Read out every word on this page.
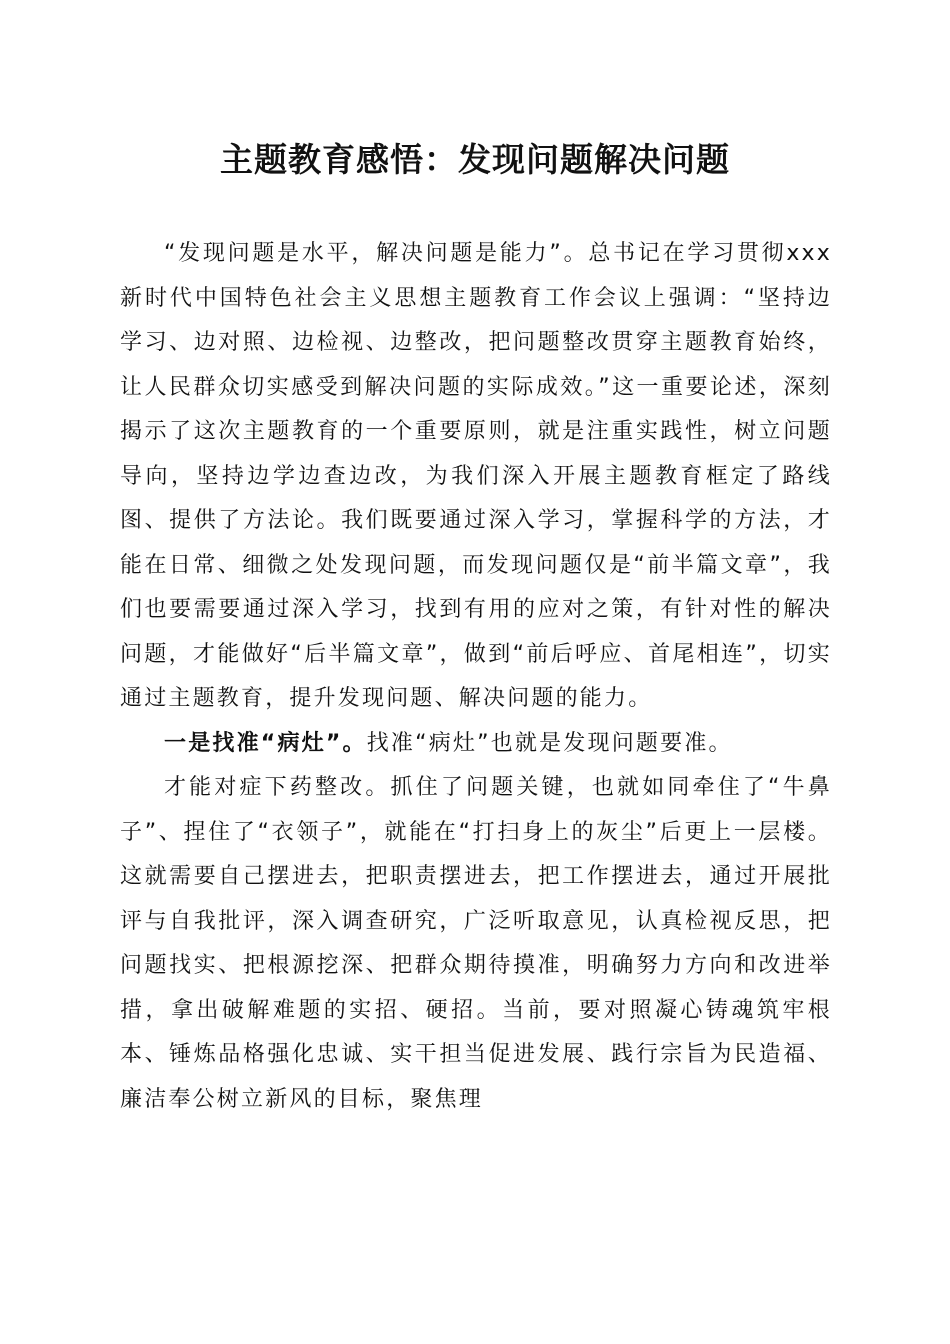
主题教育感悟：发现问题解决问题

“发现问题是水平，解决问题是能力”。总书记在学习贯彻xxx新时代中国特色社会主义思想主题教育工作会议上强调：“坚持边学习、边对照、边检视、边整改，把问题整改贯穿主题教育始终，让人民群众切实感受到解决问题的实际成效。”这一重要论述，深刻揭示了这次主题教育的一个重要原则，就是注重实践性，树立问题导向，坚持边学边查边改，为我们深入开展主题教育框定了路线图、提供了方法论。我们既要通过深入学习，掌握科学的方法，才能在日常、细微之处发现问题，而发现问题仅是“前半篇文章”，我们也要需要通过深入学习，找到有用的应对之策，有针对性的解决问题，才能做好“后半篇文章”，做到“前后呼应、首尾相连”，切实通过主题教育，提升发现问题、解决问题的能力。

一是找准“病灶”。找准“病灶”也就是发现问题要准。

才能对症下药整改。抓住了问题关键，也就如同牵住了“牛鼻子”、捏住了“衣领子”，就能在“打扫身上的灰尘”后更上一层楼。这就需要自己摆进去，把职责摆进去，把工作摆进去，通过开展批评与自我批评，深入调查研究，广泛听取意见，认真检视反思，把问题找实、把根源挖深、把群众期待摸准，明确努力方向和改进举措，拿出破解难题的实招、硬招。当前，要对照凝心铸魂筑牢根本、锤炼品格强化忠诚、实干担当促进发展、践行宗旨为民造福、廉洁奉公树立新风的目标，聚焦理
